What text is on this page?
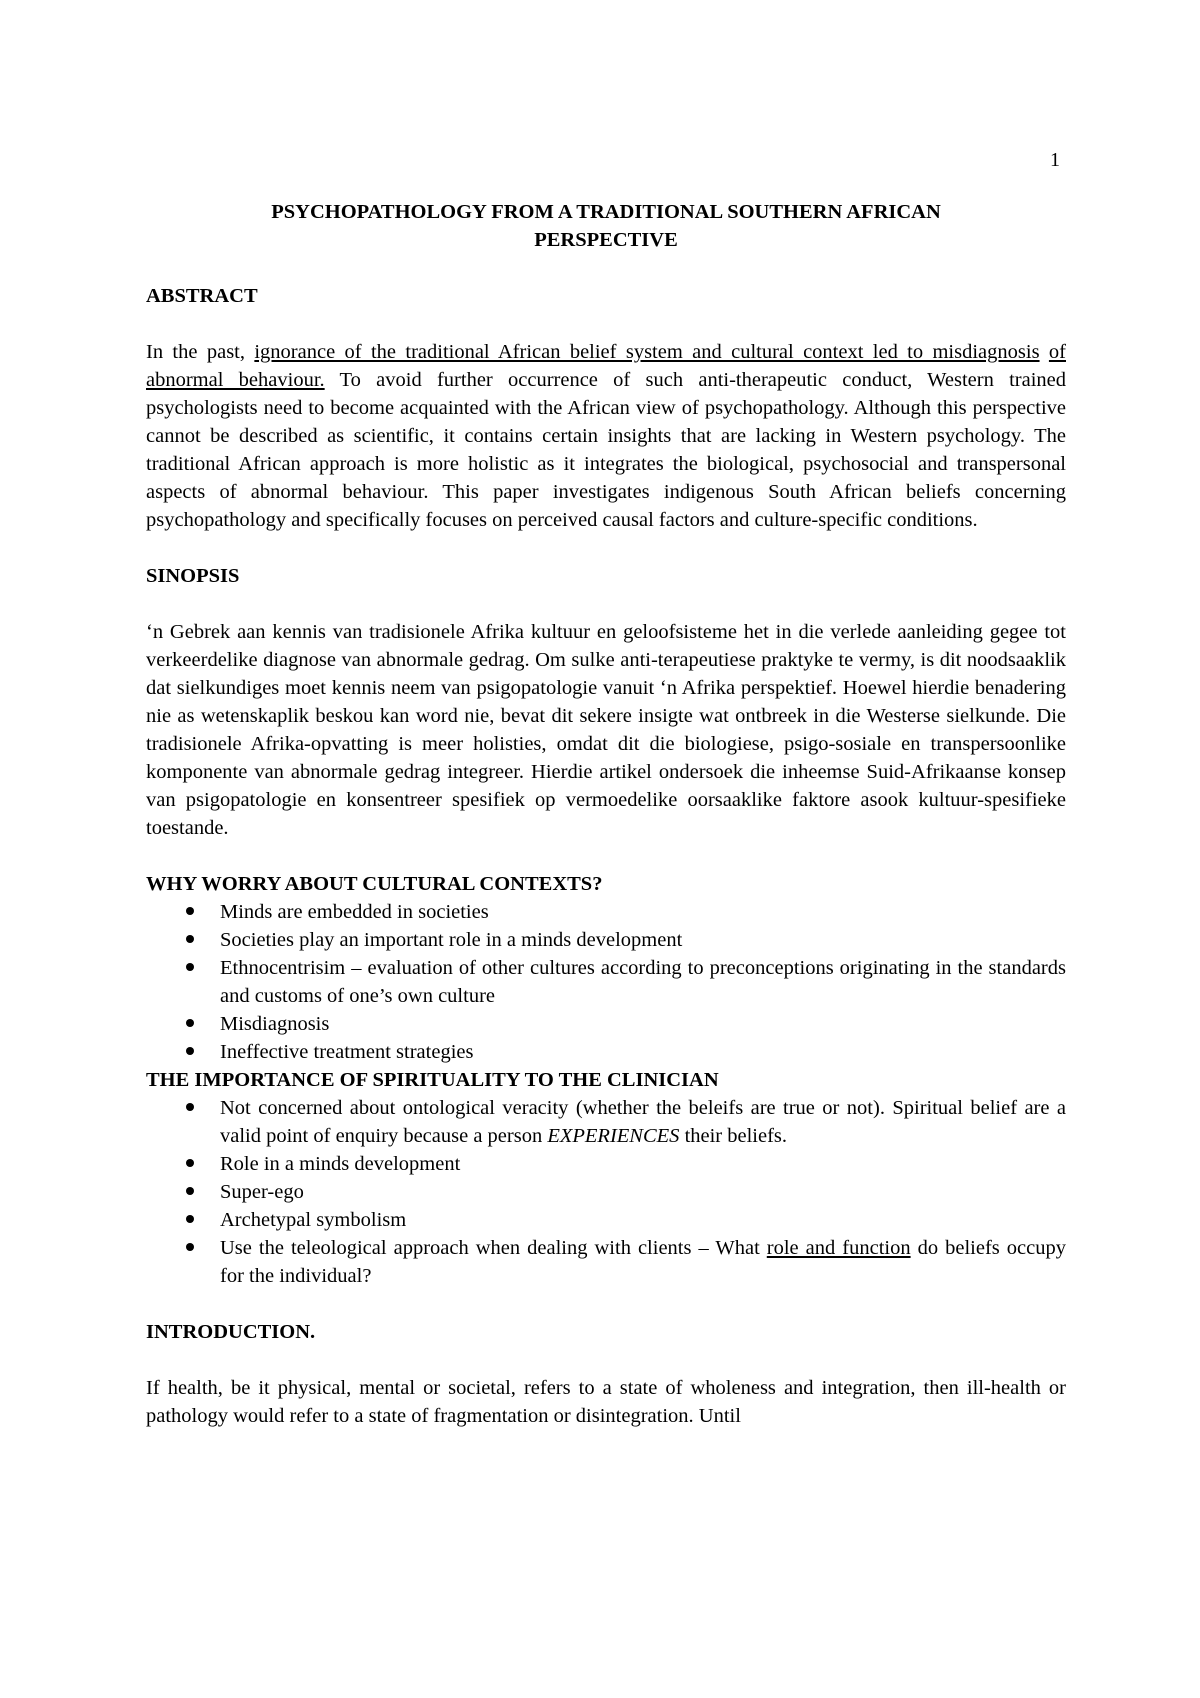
1

PSYCHOPATHOLOGY FROM A TRADITIONAL SOUTHERN AFRICAN

PERSPECTIVE

ABSTRACT

In the past, ignorance of the traditional African belief system and cultural context led to misdiagnosis of abnormal behaviour. To avoid further occurrence of such anti-therapeutic conduct, Western trained psychologists need to become acquainted with the African view of psychopathology. Although this perspective cannot be described as scientific, it contains certain insights that are lacking in Western psychology. The traditional African approach is more holistic as it integrates the biological, psychosocial and transpersonal aspects of abnormal behaviour. This paper investigates indigenous South African beliefs concerning psychopathology and specifically focuses on perceived causal factors and culture-specific conditions.

SINOPSIS

‘n Gebrek aan kennis van tradisionele Afrika kultuur en geloofsisteme het in die verlede aanleiding gegee tot verkeerdelike diagnose van abnormale gedrag. Om sulke anti-terapeutiese praktyke te vermy, is dit noodsaaklik dat sielkundiges moet kennis neem van psigopatologie vanuit ‘n Afrika perspektief. Hoewel hierdie benadering nie as wetenskaplik beskou kan word nie, bevat dit sekere insigte wat ontbreek in die Westerse sielkunde. Die tradisionele Afrika-opvatting is meer holisties, omdat dit die biologiese, psigo-sosiale en transpersoonlike komponente van abnormale gedrag integreer. Hierdie artikel ondersoek die inheemse Suid-Afrikaanse konsep van psigopatologie en konsentreer spesifiek op vermoedelike oorsaaklike faktore asook kultuur-spesifieke toestande.

WHY WORRY ABOUT CULTURAL CONTEXTS?

Minds are embedded in societies
Societies play an important role in a minds development
Ethnocentrisim – evaluation of other cultures according to preconceptions originating in the standards and customs of one’s own culture
Misdiagnosis
Ineffective treatment strategies

THE IMPORTANCE OF SPIRITUALITY TO THE CLINICIAN

Not concerned about ontological veracity (whether the beleifs are true or not). Spiritual belief are a valid point of enquiry because a person EXPERIENCES their beliefs.
Role in a minds development
Super-ego
Archetypal symbolism
Use the teleological approach when dealing with clients – What role and function do beliefs occupy for the individual?

INTRODUCTION.

If health, be it physical, mental or societal, refers to a state of wholeness and integration, then ill-health or pathology would refer to a state of fragmentation or disintegration. Until
